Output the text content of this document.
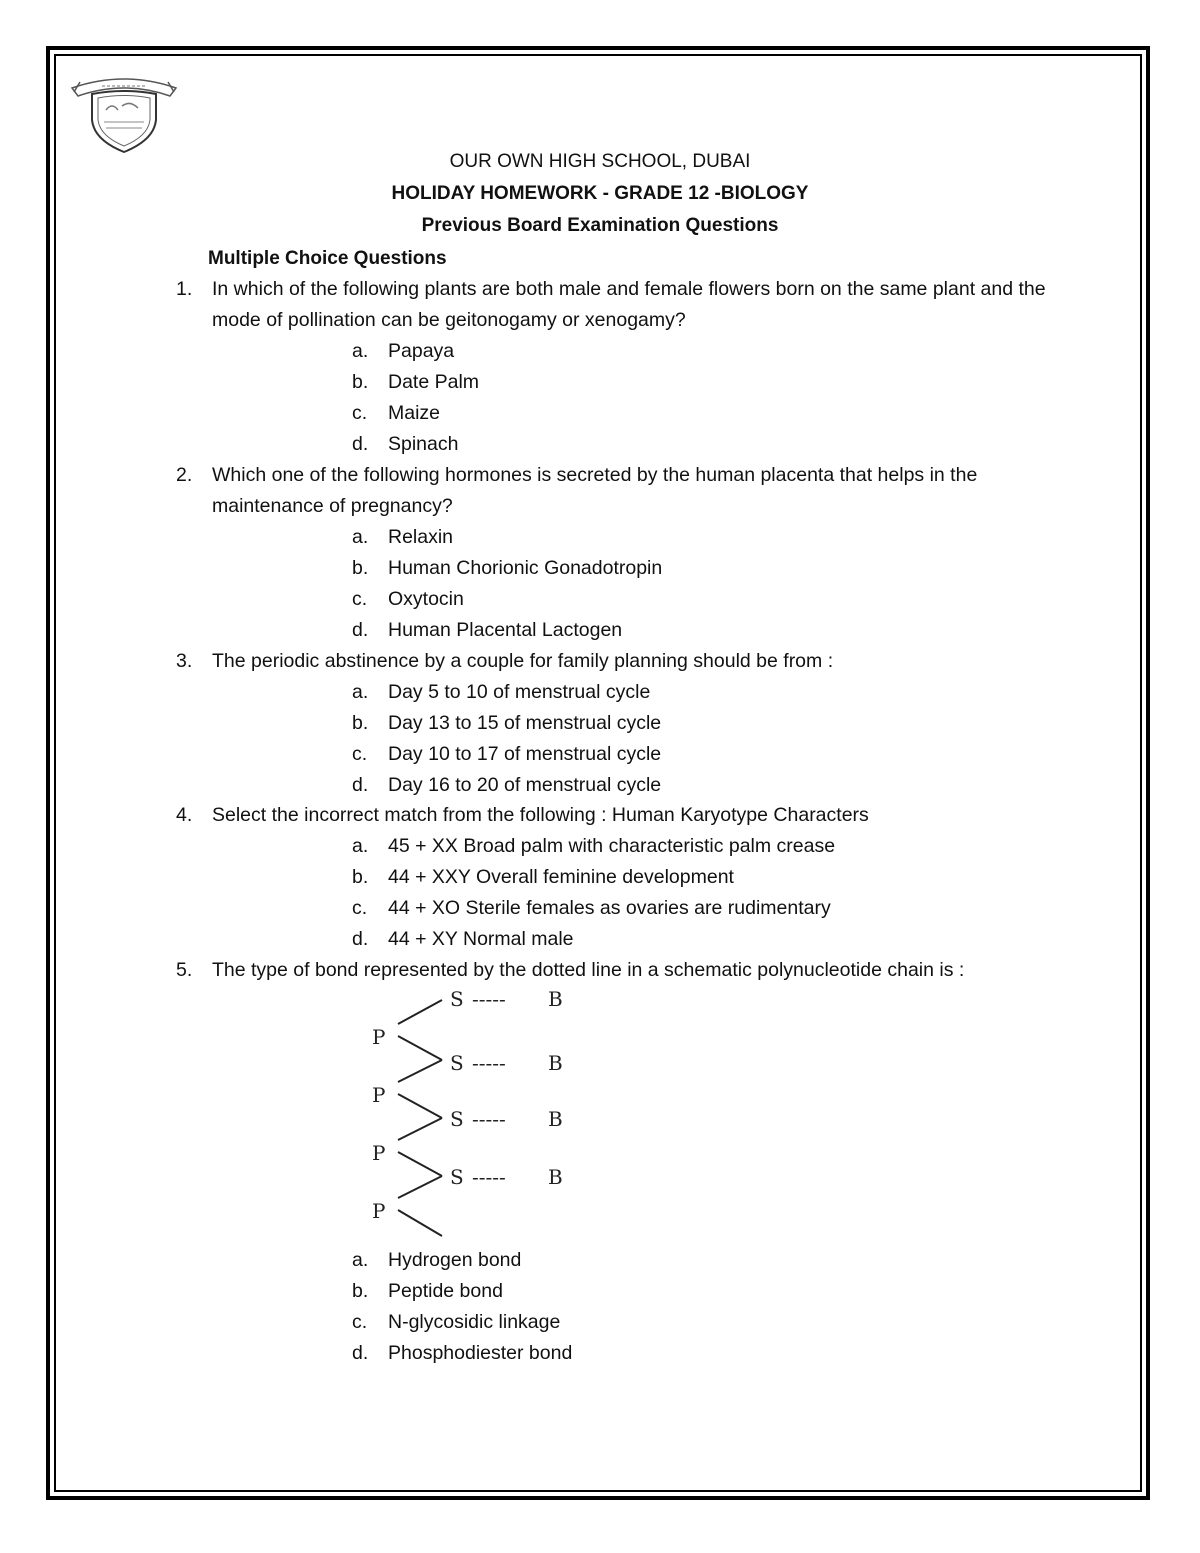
OUR OWN HIGH SCHOOL, DUBAI
HOLIDAY HOMEWORK - GRADE 12 -BIOLOGY
Previous Board Examination Questions
Multiple Choice Questions
1.	In which of the following plants are both male and female flowers born on the same plant and the mode of pollination can be geitonogamy or xenogamy?
a.	Papaya
b.	Date Palm
c.	Maize
d.	Spinach
2.	Which one of the following hormones is secreted by the human placenta that helps in the maintenance of pregnancy?
a.	Relaxin
b.	Human Chorionic Gonadotropin
c.	Oxytocin
d.	Human Placental Lactogen
3.	The periodic abstinence by a couple for family planning should be from :
a.	Day 5 to 10 of menstrual cycle
b.	Day 13 to 15 of menstrual cycle
c.	Day 10 to 17 of menstrual cycle
d.	Day 16 to 20 of menstrual cycle
4.	Select the incorrect match from the following : Human Karyotype Characters
a.	45 + XX Broad palm with characteristic palm crease
b.	44 + XXY Overall feminine development
c.	44 + XO Sterile females as ovaries are rudimentary
d.	44 + XY Normal male
5.	The type of bond represented by the dotted line in a schematic polynucleotide chain is :
P
P
P
P
S
S
S
S
-----
-----
-----
-----
B
B
B
B
a.	Hydrogen bond
b.	Peptide bond
c.	N-glycosidic linkage
d.	Phosphodiester bond
